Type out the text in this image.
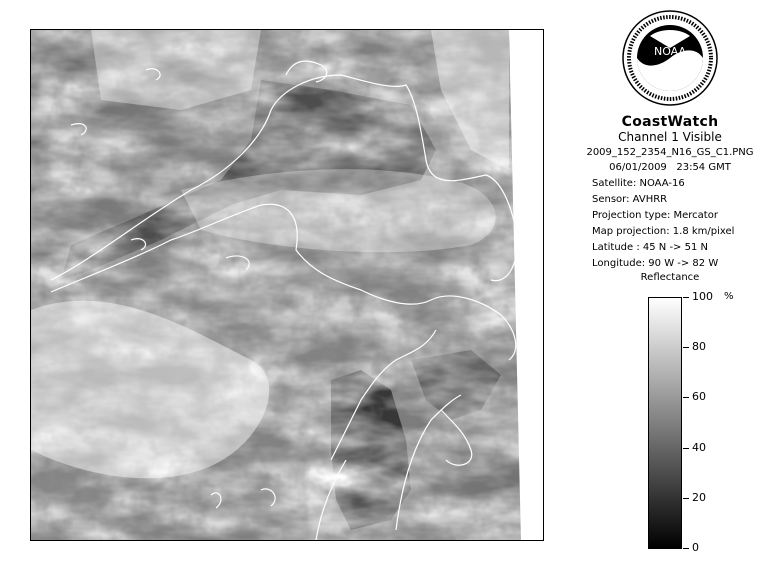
NOAA
CoastWatch
Channel 1 Visible
2009_152_2354_N16_GS_C1.PNG
06/01/2009 23:54 GMT
Satellite: NOAA-16
Sensor: AVHRR
Projection type: Mercator
Map projection: 1.8 km/pixel
Latitude : 45 N -> 51 N
Longitude: 90 W -> 82 W
Reflectance
%
100
80
60
40
20
0
